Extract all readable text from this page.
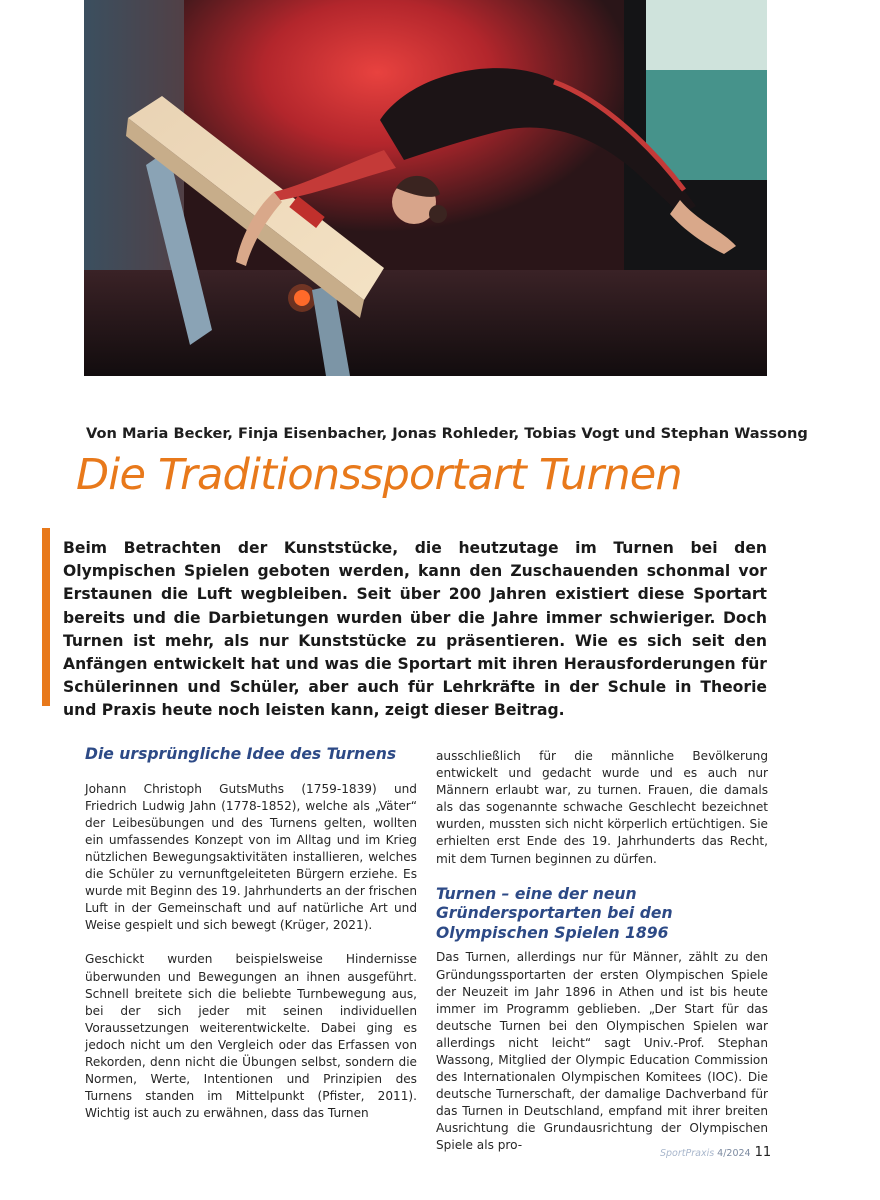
Von Maria Becker, Finja Eisenbacher, Jonas Rohleder, Tobias Vogt und Stephan Wassong
Die Traditionssportart Turnen

Beim Betrachten der Kunststücke, die heutzutage im Turnen bei den Olympischen Spielen geboten werden, kann den Zuschauenden schonmal vor Erstaunen die Luft wegbleiben. Seit über 200 Jahren existiert diese Sportart bereits und die Darbietungen wurden über die Jahre immer schwieriger. Doch Turnen ist mehr, als nur Kunststücke zu präsentieren. Wie es sich seit den Anfängen entwickelt hat und was die Sportart mit ihren Herausforderungen für Schülerinnen und Schüler, aber auch für Lehrkräfte in der Schule in Theorie und Praxis heute noch leisten kann, zeigt dieser Beitrag.

Die ursprüngliche Idee des Turnens

Johann Christoph GutsMuths (1759-1839) und Friedrich Ludwig Jahn (1778-1852), welche als „Väter“ der Leibesübungen und des Turnens gelten, wollten ein umfassendes Konzept von im Alltag und im Krieg nützlichen Bewegungsaktivitäten installieren, welches die Schüler zu vernunftgeleiteten Bürgern erziehe. Es wurde mit Beginn des 19. Jahrhunderts an der frischen Luft in der Gemeinschaft und auf natürliche Art und Weise gespielt und sich bewegt (Krüger, 2021).

Geschickt wurden beispielsweise Hindernisse überwunden und Bewegungen an ihnen ausgeführt. Schnell breitete sich die beliebte Turnbewegung aus, bei der sich jeder mit seinen individuellen Voraussetzungen weiterentwickelte. Dabei ging es jedoch nicht um den Vergleich oder das Erfassen von Rekorden, denn nicht die Übungen selbst, sondern die Normen, Werte, Intentionen und Prinzipien des Turnens standen im Mittelpunkt (Pfister, 2011). Wichtig ist auch zu erwähnen, dass das Turnen

ausschließlich für die männliche Bevölkerung entwickelt und gedacht wurde und es auch nur Männern erlaubt war, zu turnen. Frauen, die damals als das sogenannte schwache Geschlecht bezeichnet wurden, mussten sich nicht körperlich ertüchtigen. Sie erhielten erst Ende des 19. Jahrhunderts das Recht, mit dem Turnen beginnen zu dürfen.

Turnen – eine der neun Gründersportarten bei den Olympischen Spielen 1896

Das Turnen, allerdings nur für Männer, zählt zu den Gründungssportarten der ersten Olympischen Spiele der Neuzeit im Jahr 1896 in Athen und ist bis heute immer im Programm geblieben. „Der Start für das deutsche Turnen bei den Olympischen Spielen war allerdings nicht leicht“ sagt Univ.-Prof. Stephan Wassong, Mitglied der Olympic Education Commission des Internationalen Olympischen Komitees (IOC). Die deutsche Turnerschaft, der damalige Dachverband für das Turnen in Deutschland, empfand mit ihrer breiten Ausrichtung die Grundausrichtung der Olympischen Spiele als pro-

SportPraxis 4/2024 11
